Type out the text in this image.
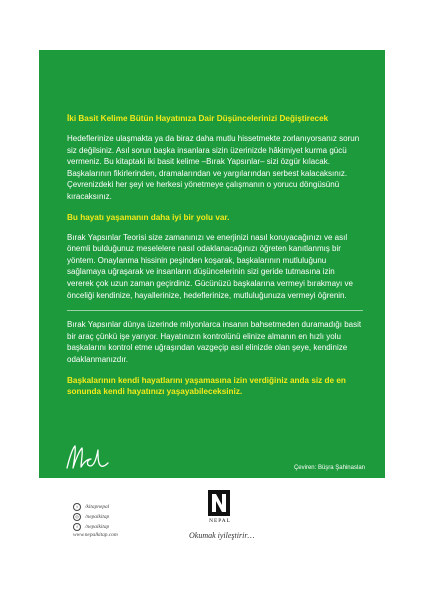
İki Basit Kelime Bütün Hayatınıza Dair Düşüncelerinizi Değiştirecek

Hedeflerinize ulaşmakta ya da biraz daha mutlu hissetmekte zorlanıyorsanız sorun siz değilsiniz. Asıl sorun başka insanlara sizin üzerinizde hâkimiyet kurma gücü vermeniz. Bu kitaptaki iki basit kelime –Bırak Yapsınlar– sizi özgür kılacak. Başkalarının fikirlerinden, dramalarından ve yargılarından serbest kalacaksınız. Çevrenizdeki her şeyi ve herkesi yönetmeye çalışmanın o yorucu döngüsünü kıracaksınız.

Bu hayatı yaşamanın daha iyi bir yolu var.

Bırak Yapsınlar Teorisi size zamanınızı ve enerjinizi nasıl koruyacağınızı ve asıl önemli bulduğunuz meselelere nasıl odaklanacağınızı öğreten kanıtlanmış bir yöntem. Onaylanma hissinin peşinden koşarak, başkalarının mutluluğunu sağlamaya uğraşarak ve insanların düşüncelerinin sizi geride tutmasına izin vererek çok uzun zaman geçirdiniz. Gücünüzü başkalarına vermeyi bırakmayı ve önceliği kendinize, hayallerinize, hedeflerinize, mutluluğunuza vermeyi öğrenin.

Bırak Yapsınlar dünya üzerinde milyonlarca insanın bahsetmeden duramadığı basit bir araç çünkü işe yarıyor. Hayatınızın kontrolünü elinize almanın en hızlı yolu başkalarını kontrol etme uğraşından vazgeçip asıl elinizde olan şeye, kendinize odaklanmanızdır.

Başkalarının kendi hayatlarını yaşamasına izin verdiğiniz anda siz de en sonunda kendi hayatınızı yaşayabileceksiniz.

Çeviren: Büşra Şahinaslan
t	/kitapnepal
◎	/nepalkitap
f	/nepalkitap
www.nepalkitap.com
NEPAL
Okumak iyileştirir…
